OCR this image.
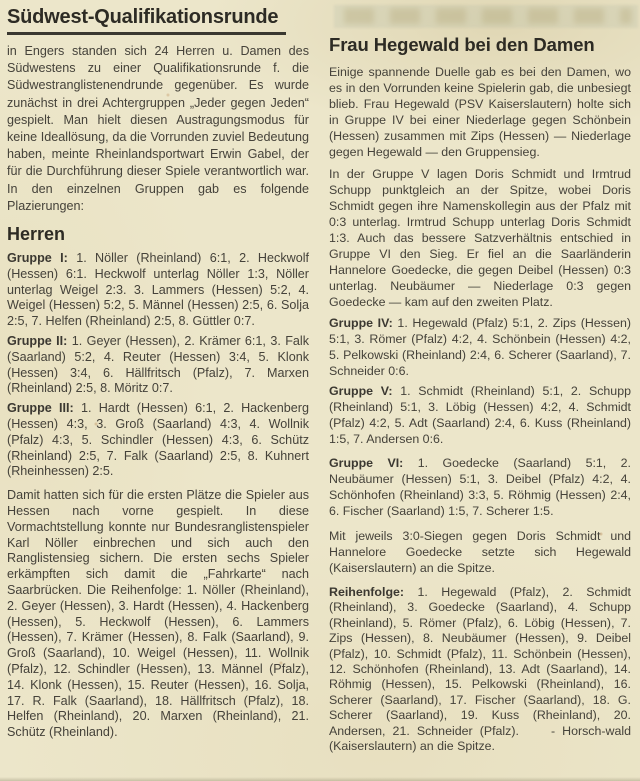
Südwest-Qualifikationsrunde

in Engers standen sich 24 Herren u. Damen des Südwestens zu einer Qualifikationsrunde f. die Südwestranglistenendrunde gegenüber. Es wurde zunächst in drei Achtergruppen „Jeder gegen Jeden“ gespielt. Man hielt diesen Austragungsmodus für keine Ideallösung, da die Vorrunden zuviel Bedeutung haben, meinte Rheinlandsportwart Erwin Gabel, der für die Durchführung dieser Spiele verantwortlich war. In den einzelnen Gruppen gab es folgende Plazierungen:

Herren

Gruppe I: 1. Nöller (Rheinland) 6:1, 2. Heckwolf (Hessen) 6:1. Heckwolf unterlag Nöller 1:3, Nöller unterlag Weigel 2:3. 3. Lammers (Hessen) 5:2, 4. Weigel (Hessen) 5:2, 5. Männel (Hessen) 2:5, 6. Solja 2:5, 7. Helfen (Rheinland) 2:5, 8. Güttler 0:7.

Gruppe II: 1. Geyer (Hessen), 2. Krämer 6:1, 3. Falk (Saarland) 5:2, 4. Reuter (Hessen) 3:4, 5. Klonk (Hessen) 3:4, 6. Hällfritsch (Pfalz), 7. Marxen (Rheinland) 2:5, 8. Möritz 0:7.

Gruppe III: 1. Hardt (Hessen) 6:1, 2. Hackenberg (Hessen) 4:3, 3. Groß (Saarland) 4:3, 4. Wollnik (Pfalz) 4:3, 5. Schindler (Hessen) 4:3, 6. Schütz (Rheinland) 2:5, 7. Falk (Saarland) 2:5, 8. Kuhnert (Rheinhessen) 2:5.

Damit hatten sich für die ersten Plätze die Spieler aus Hessen nach vorne gespielt. In diese Vormachtstellung konnte nur Bundesranglistenspieler Karl Nöller einbrechen und sich auch den Ranglistensieg sichern. Die ersten sechs Spieler erkämpften sich damit die „Fahrkarte“ nach Saarbrücken. Die Reihenfolge: 1. Nöller (Rheinland), 2. Geyer (Hessen), 3. Hardt (Hessen), 4. Hackenberg (Hessen), 5. Heckwolf (Hessen), 6. Lammers (Hessen), 7. Krämer (Hessen), 8. Falk (Saarland), 9. Groß (Saarland), 10. Weigel (Hessen), 11. Wollnik (Pfalz), 12. Schindler (Hessen), 13. Männel (Pfalz), 14. Klonk (Hessen), 15. Reuter (Hessen), 16. Solja, 17. R. Falk (Saarland), 18. Hällfritsch (Pfalz), 18. Helfen (Rheinland), 20. Marxen (Rheinland), 21. Schütz (Rheinland).

Frau Hegewald bei den Damen

Einige spannende Duelle gab es bei den Damen, wo es in den Vorrunden keine Spielerin gab, die unbesiegt blieb. Frau Hegewald (PSV Kaiserslautern) holte sich in Gruppe IV bei einer Niederlage gegen Schönbein (Hessen) zusammen mit Zips (Hessen) — Niederlage gegen Hegewald — den Gruppensieg.

In der Gruppe V lagen Doris Schmidt und Irmtrud Schupp punktgleich an der Spitze, wobei Doris Schmidt gegen ihre Namenskollegin aus der Pfalz mit 0:3 unterlag. Irmtrud Schupp unterlag Doris Schmidt 1:3. Auch das bessere Satzverhältnis entschied in Gruppe VI den Sieg. Er fiel an die Saarländerin Hannelore Goedecke, die gegen Deibel (Hessen) 0:3 unterlag. Neubäumer — Niederlage 0:3 gegen Goedecke — kam auf den zweiten Platz.

Gruppe IV: 1. Hegewald (Pfalz) 5:1, 2. Zips (Hessen) 5:1, 3. Römer (Pfalz) 4:2, 4. Schönbein (Hessen) 4:2, 5. Pelkowski (Rheinland) 2:4, 6. Scherer (Saarland), 7. Schneider 0:6.

Gruppe V: 1. Schmidt (Rheinland) 5:1, 2. Schupp (Rheinland) 5:1, 3. Löbig (Hessen) 4:2, 4. Schmidt (Pfalz) 4:2, 5. Adt (Saarland) 2:4, 6. Kuss (Rheinland) 1:5, 7. Andersen 0:6.

Gruppe VI: 1. Goedecke (Saarland) 5:1, 2. Neubäumer (Hessen) 5:1, 3. Deibel (Pfalz) 4:2, 4. Schönhofen (Rheinland) 3:3, 5. Röhmig (Hessen) 2:4, 6. Fischer (Saarland) 1:5, 7. Scherer 1:5.

Mit jeweils 3:0-Siegen gegen Doris Schmidt und Hannelore Goedecke setzte sich Hegewald (Kaiserslautern) an die Spitze.

Reihenfolge: 1. Hegewald (Pfalz), 2. Schmidt (Rheinland), 3. Goedecke (Saarland), 4. Schupp (Rheinland), 5. Römer (Pfalz), 6. Löbig (Hessen), 7. Zips (Hessen), 8. Neubäumer (Hessen), 9. Deibel (Pfalz), 10. Schmidt (Pfalz), 11. Schönbein (Hessen), 12. Schönhofen (Rheinland), 13. Adt (Saarland), 14. Röhmig (Hessen), 15. Pelkowski (Rheinland), 16. Scherer (Saarland), 17. Fischer (Saarland), 18. G. Scherer (Saarland), 19. Kuss (Rheinland), 20. Andersen, 21. Schneider (Pfalz).	- Horsch-wald (Kaiserslautern) an die Spitze.
